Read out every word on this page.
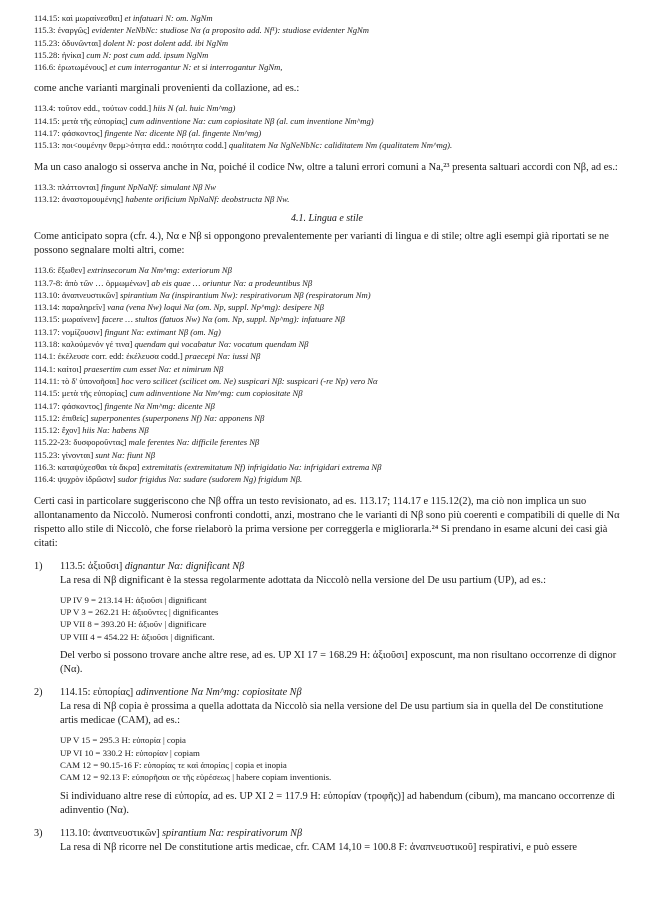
114.15: καὶ μωραίνεσθαι] et infatuari N: om. NgNm
115.3: ἐναργῶς] evidenter NeNbNc: studiose Nα (a proposito add. Nf¹): studiose evidenter NgNm
115.23: ὀδυνῶνται] dolent N: post dolent add. ibi NgNm
115.28: ἠνίκα] cum N: post cum add. ipsum NgNm
116.6: ἐρωτωμένους] et cum interrogantur N: et si interrogantur NgNm,

come anche varianti marginali provenienti da collazione, ad es.:

113.4: τοῦτον edd., τούτων codd.] hiis N (al. huic Nm^mg)
114.15: μετὰ τῆς εὐπορίας] cum adinventione Nα: cum copiositate Nβ (al. cum inventione Nm^mg)
114.17: φάσκοντος] fingente Nα: dicente Nβ (al. fingente Nm^mg)
115.13: ποι<ουμένην θερμ>ότητα edd.: ποιότητα codd.] qualitatem Nα NgNeNbNc: caliditatem Nm (qualitatem Nm^mg).

Ma un caso analogo si osserva anche in Nα, poiché il codice Nw, oltre a taluni errori comuni a Na,²³ presenta saltuari accordi con Nβ, ad es.:

113.3: πλάττονται] fingunt NpNaNf: simulant Nβ Nw
113.12: ἀναστομουμένης] habente orificium NpNaNf: deobstructa Nβ Nw.
4.1. Lingua e stile

Come anticipato sopra (cfr. 4.), Nα e Nβ si oppongono prevalentemente per varianti di lingua e di stile; oltre agli esempi già riportati se ne possono segnalare molti altri, come:

113.6: ἔξωθεν] extrinsecorum Nα Nm^mg: exteriorum Nβ
113.7-8: ἀπὸ τῶν … ὁρμωμένων] ab eis quae … oriuntur Nα: a prodeuntibus Nβ
113.10: ἀναπνευστικῶν] spirantium Nα (inspirantium Nw): respirativorum Nβ (respiratorum Nm)
113.14: παραληρεῖν] vana (vena Nw) loqui Nα (om. Np, suppl. Np^mg): desipere Nβ
113.15: μωραίνειν] facere … stultos (fatuos Nw) Nα (om. Np, suppl. Np^mg): infatuare Nβ
113.17: νομίζουσιν] fingunt Nα: extimant Nβ (om. Ng)
113.18: καλούμενόν γέ τινα] quendam qui vocabatur Nα: vocatum quendam Nβ
114.1: ἐκέλευσε corr. edd: ἐκέλευσα codd.] praecepi Nα: iussi Nβ
114.1: καίτοι] praesertim cum esset Nα: et nimirum Nβ
114.11: τὸ δ' ὑπονοῆσαι] hoc vero scilicet (scilicet om. Ne) suspicari Nβ: suspicari (-re Np) vero Nα
114.15: μετὰ τῆς εὐπορίας] cum adinventione Nα Nm^mg: cum copiositate Nβ
114.17: φάσκοντος] fingente Nα Nm^mg: dicente Nβ
115.12: ἐπιθείς] superponentes (superponens Nf) Nα: apponens Nβ
115.12: ἔχον] hiis Nα: habens Nβ
115.22-23: δυσφοροῦντας] male ferentes Nα: difficile ferentes Nβ
115.23: γίνονται] sunt Nα: fiunt Nβ
116.3: καταψύχεσθαι τὰ ἄκρα] extremitatis (extremitatum Nf) infrigidatio Nα: infrigidari extrema Nβ
116.4: ψυχρὸν ἱδρῶσιν] sudor frigidus Nα: sudare (sudorem Ng) frigidum Nβ.

Certi casi in particolare suggeriscono che Nβ offra un testo revisionato, ad es. 113.17; 114.17 e 115.12(2), ma ciò non implica un suo allontanamento da Niccolò. Numerosi confronti condotti, anzi, mostrano che le varianti di Nβ sono più coerenti e compatibili di quelle di Nα rispetto allo stile di Niccolò, che forse rielaborò la prima versione per correggerla e migliorarla.²⁴ Si prendano in esame alcuni dei casi già citati:

1) 113.5: ἀξιοῦσι] dignantur Nα: dignificant Nβ

La resa di Nβ dignificant è la stessa regolarmente adottata da Niccolò nella versione del De usu partium (UP), ad es.:

UP IV 9 = 213.14 H: ἀξιοῦσι | dignificant
UP V 3 = 262.21 H: ἀξιοῦντες | dignificantes
UP VII 8 = 393.20 H: ἀξιοῦν | dignificare
UP VIII 4 = 454.22 H: ἀξιοῦσι | dignificant.

Del verbo si possono trovare anche altre rese, ad es. UP XI 17 = 168.29 H: ἀξιοῦσι] exposcunt, ma non risultano occorrenze di dignor (Nα).

2) 114.15: εὐπορίας] adinventione Nα Nm^mg: copiositate Nβ

La resa di Nβ copia è prossima a quella adottata da Niccolò sia nella versione del De usu partium sia in quella del De constitutione artis medicae (CAM), ad es.:

UP V 15 = 295.3 H: εὐπορία | copia
UP VI 10 = 330.2 H: εὐπορίαν | copiam
CAM 12 = 90.15-16 F: εὐπορίας τε καὶ ἀπορίας | copia et inopia
CAM 12 = 92.13 F: εὐπορῆσαι σε τῆς εὑρέσεως | habere copiam inventionis.

Si individuano altre rese di εὐπορία, ad es. UP XI 2 = 117.9 H: εὐπορίαν (τροφῆς)] ad habendum (cibum), ma mancano occorrenze di adinventio (Nα).

3) 113.10: ἀναπνευστικῶν] spirantium Nα: respirativorum Nβ

La resa di Nβ ricorre nel De constitutione artis medicae, cfr. CAM 14,10 = 100.8 F: ἀναπνευστικοῦ] respirativi, e può essere
